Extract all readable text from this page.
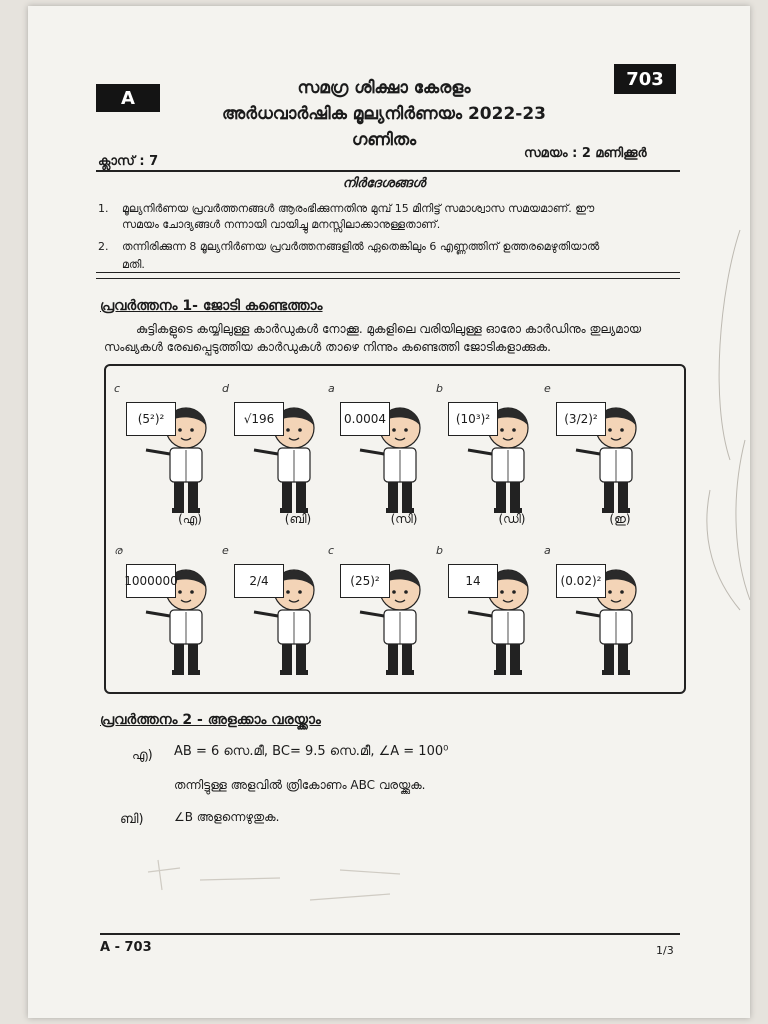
A
703
സമഗ്ര ശിക്ഷാ കേരളം
അർധവാർഷിക മൂല്യനിർണയം 2022-23
ഗണിതം
ക്ലാസ് : 7
സമയം : 2 മണിക്കൂർ
നിർദേശങ്ങൾ
1. മൂല്യനിർണയ പ്രവർത്തനങ്ങൾ ആരംഭിക്കുന്നതിനു മുമ്പ് 15 മിനിട്ട് സമാശ്വാസ സമയമാണ്. ഈ
സമയം ചോദ്യങ്ങൾ നന്നായി വായിച്ചു മനസ്സിലാക്കാനുള്ളതാണ്.
2. തന്നിരിക്കുന്ന 8 മൂല്യനിർണയ പ്രവർത്തനങ്ങളിൽ ഏതെങ്കിലും 6 എണ്ണത്തിന് ഉത്തരമെഴുതിയാൽ
മതി.
പ്രവർത്തനം 1- ജോടി കണ്ടെത്താം
കുട്ടികളുടെ കയ്യിലുള്ള കാർഡുകൾ നോക്കൂ. മുകളിലെ വരിയിലുള്ള ഓരോ കാർഡിനും തുല്യമായ
സംഖ്യകൾ രേഖപ്പെടുത്തിയ കാർഡുകൾ താഴെ നിന്നും കണ്ടെത്തി ജോടികളാക്കുക.
(5²)²
c
(എ)
√196
d
(ബി)
0.0004
a
(സി)
(10³)²
b
(ഡി)
(3/2)²
e
(ഇ)
1000000
ര
2/4
e
(25)²
c
14
b
(0.02)²
a
പ്രവർത്തനം 2 - അളക്കാം വരയ്ക്കാം
എ) AB = 6 സെ.മീ, BC= 9.5 സെ.മീ, ∠A = 100⁰
തന്നിട്ടുള്ള അളവിൽ ത്രികോണം ABC വരയ്ക്കുക.
ബി)	∠B അളന്നെഴുതുക.
A - 703	1/3
